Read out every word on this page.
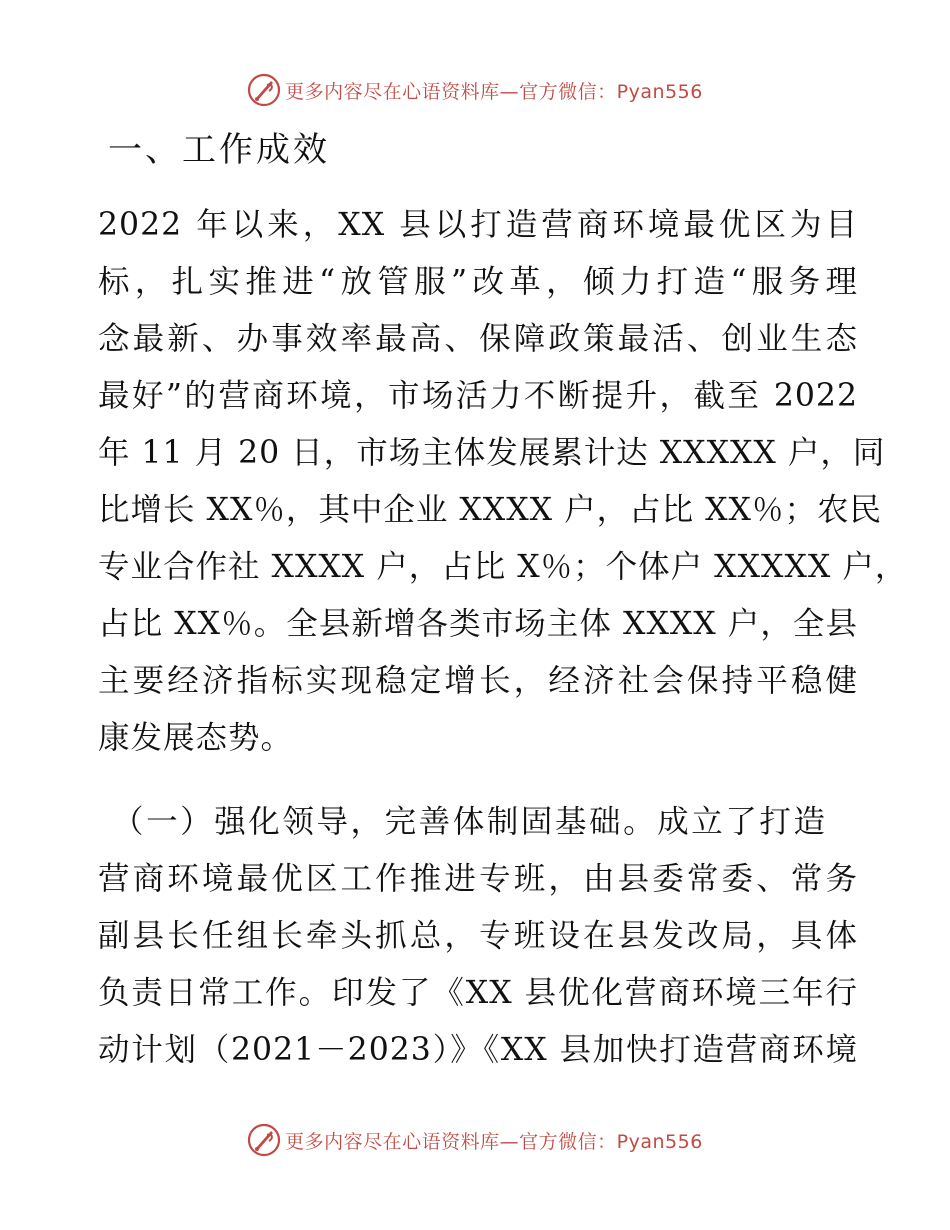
更多内容尽在心语资料库—官方微信：Pyan556
一、工作成效
2022 年以来，XX 县以打造营商环境最优区为目
标，扎实推进“放管服”改革，倾力打造“服务理
念最新、办事效率最高、保障政策最活、创业生态
最好”的营商环境，市场活力不断提升，截至 2022
年 11 月 20 日，市场主体发展累计达 XXXXX 户，同
比增长 XX％，其中企业 XXXX 户，占比 XX％；农民
专业合作社 XXXX 户，占比 X％；个体户 XXXXX 户，
占比 XX％。全县新增各类市场主体 XXXX 户，全县
主要经济指标实现稳定增长，经济社会保持平稳健
康发展态势。
（一）强化领导，完善体制固基础。成立了打造
营商环境最优区工作推进专班，由县委常委、常务
副县长任组长牵头抓总，专班设在县发改局，具体
负责日常工作。印发了《XX 县优化营商环境三年行
动计划（2021－2023）》《XX 县加快打造营商环境
更多内容尽在心语资料库—官方微信：Pyan556
